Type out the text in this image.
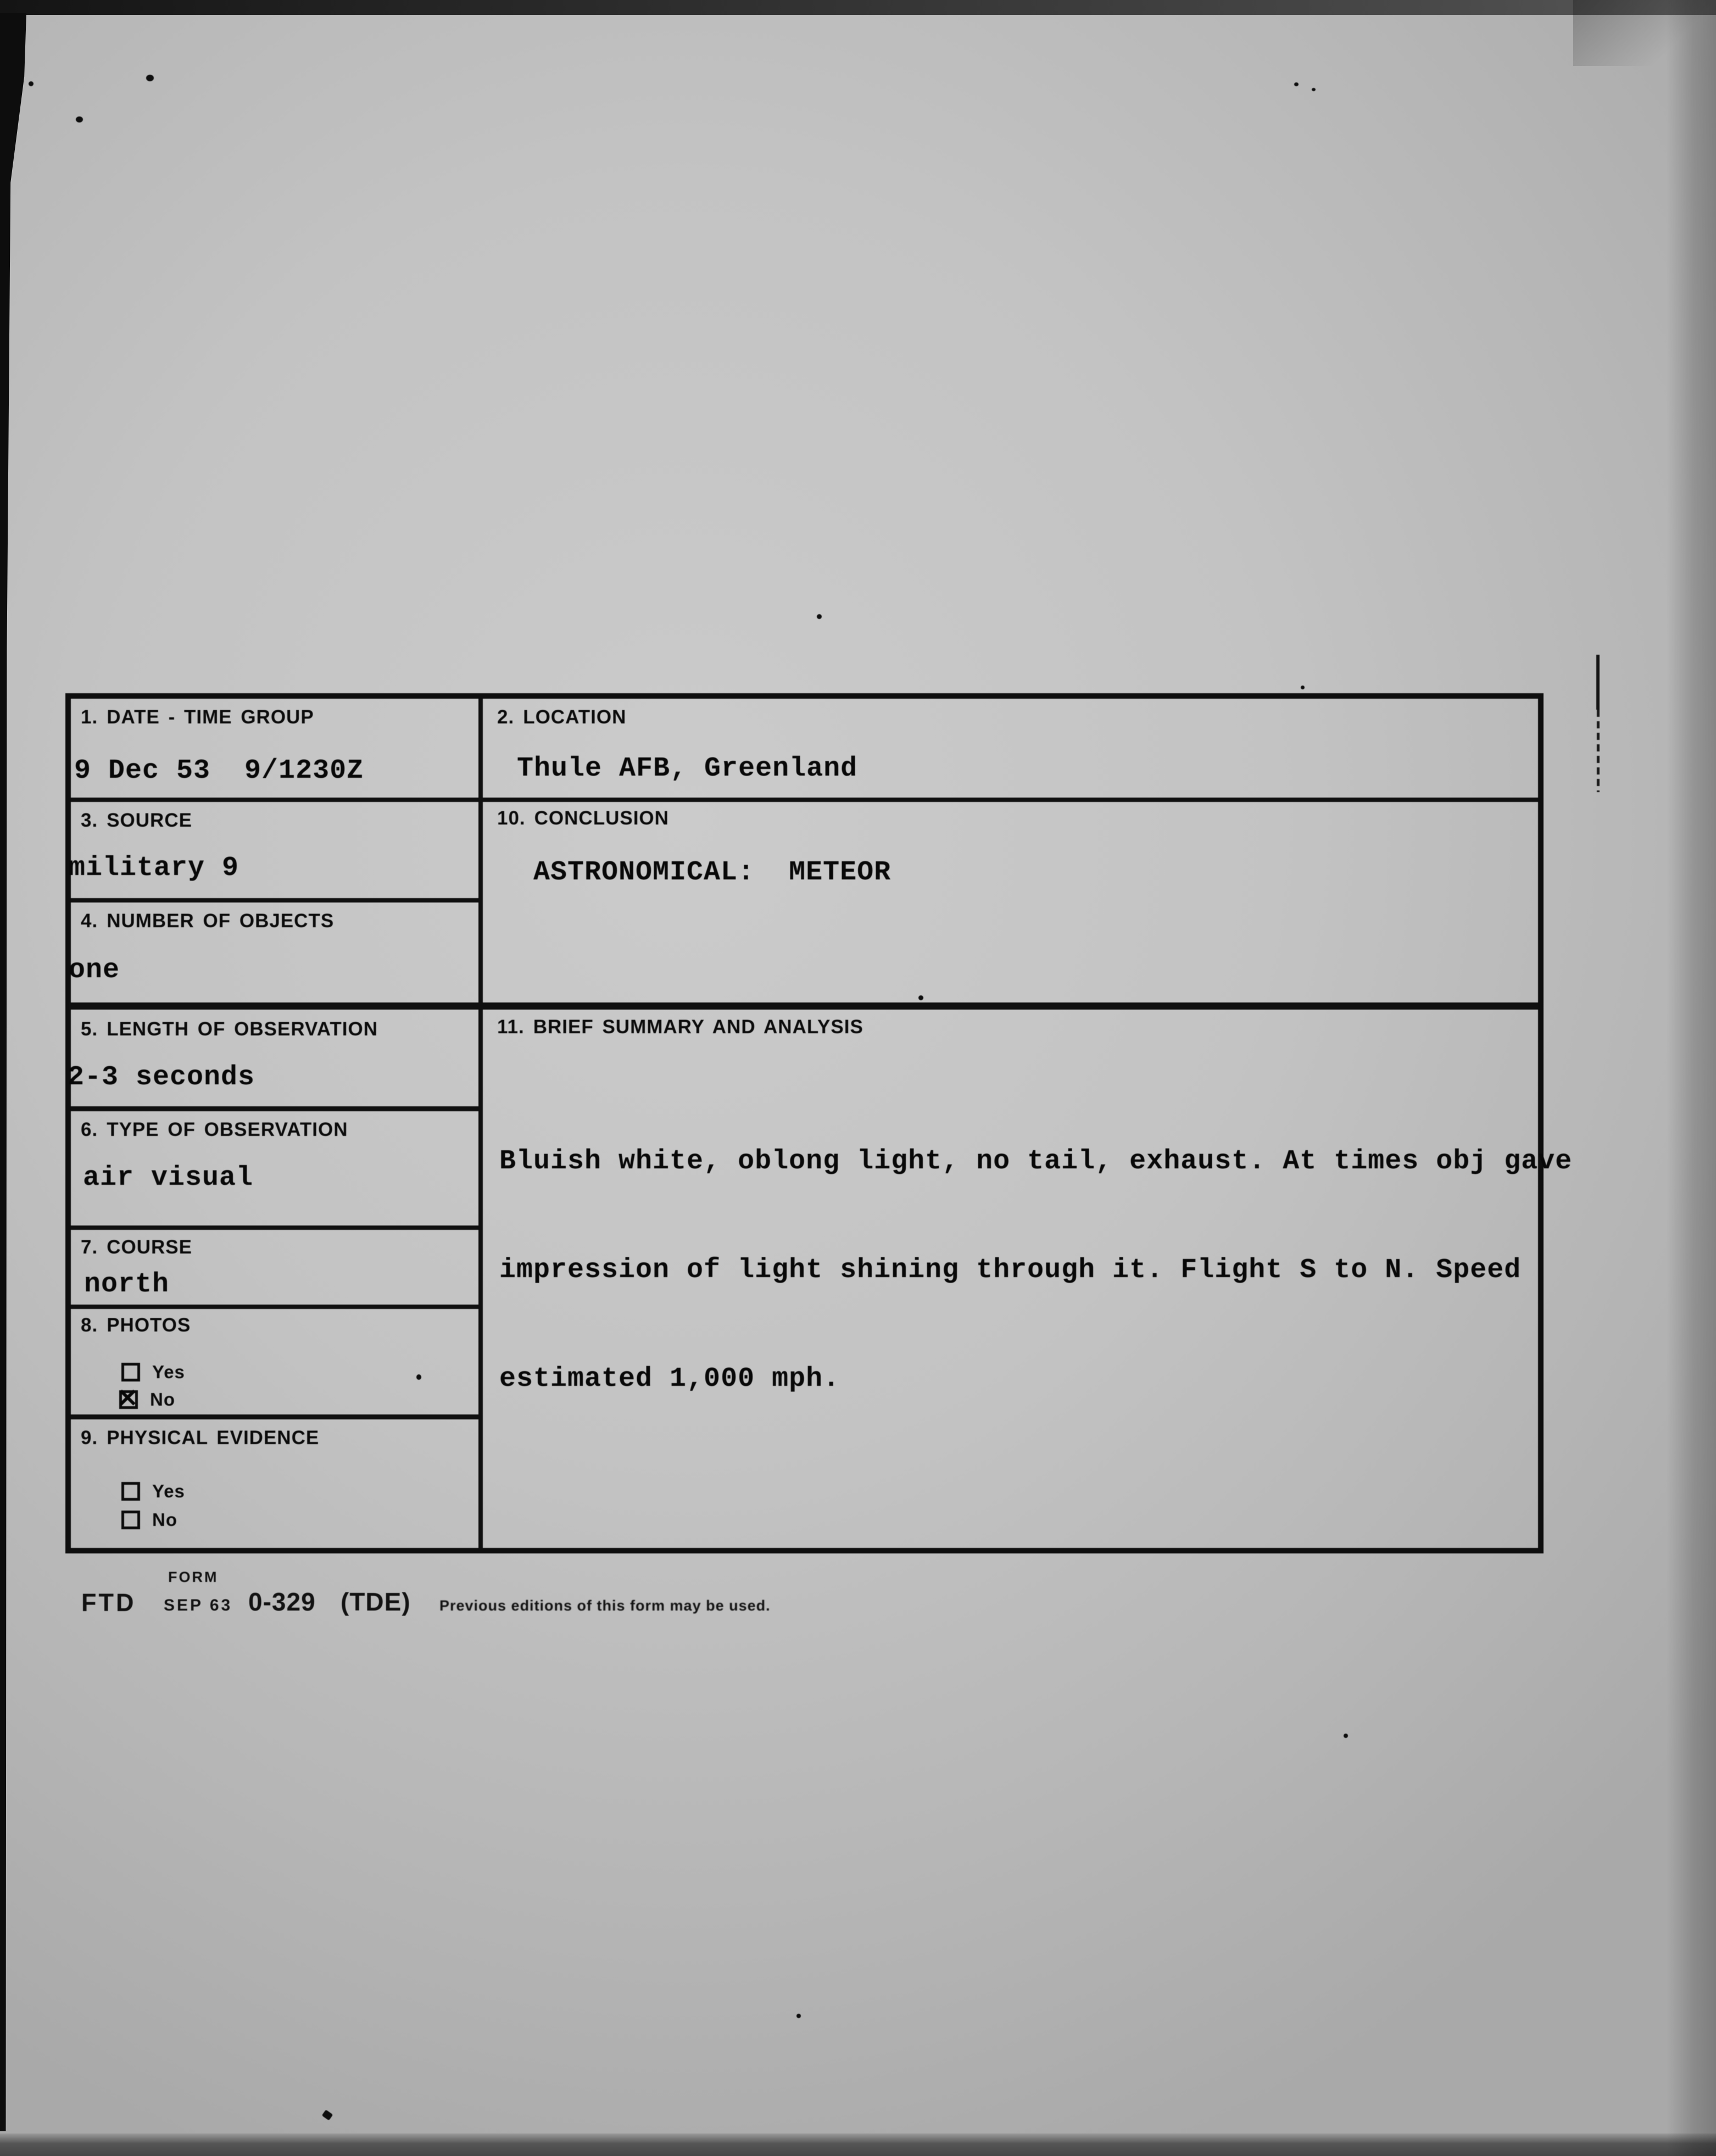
1. DATE - TIME GROUP
9 Dec 53  9/1230Z
2. LOCATION
Thule AFB, Greenland
3. SOURCE
military 9
10. CONCLUSION
ASTRONOMICAL:  METEOR
4. NUMBER OF OBJECTS
one
5. LENGTH OF OBSERVATION
2-3 seconds
11. BRIEF SUMMARY AND ANALYSIS

Bluish white, oblong light, no tail, exhaust. At times obj gave

impression of light shining through it. Flight S to N. Speed

estimated 1,000 mph.

6. TYPE OF OBSERVATION
air visual
7. COURSE
north
8. PHOTOS
Yes
✕
No
9. PHYSICAL EVIDENCE
Yes
No
FORM
FTD SEP 63 0-329 (TDE) Previous editions of this form may be used.
